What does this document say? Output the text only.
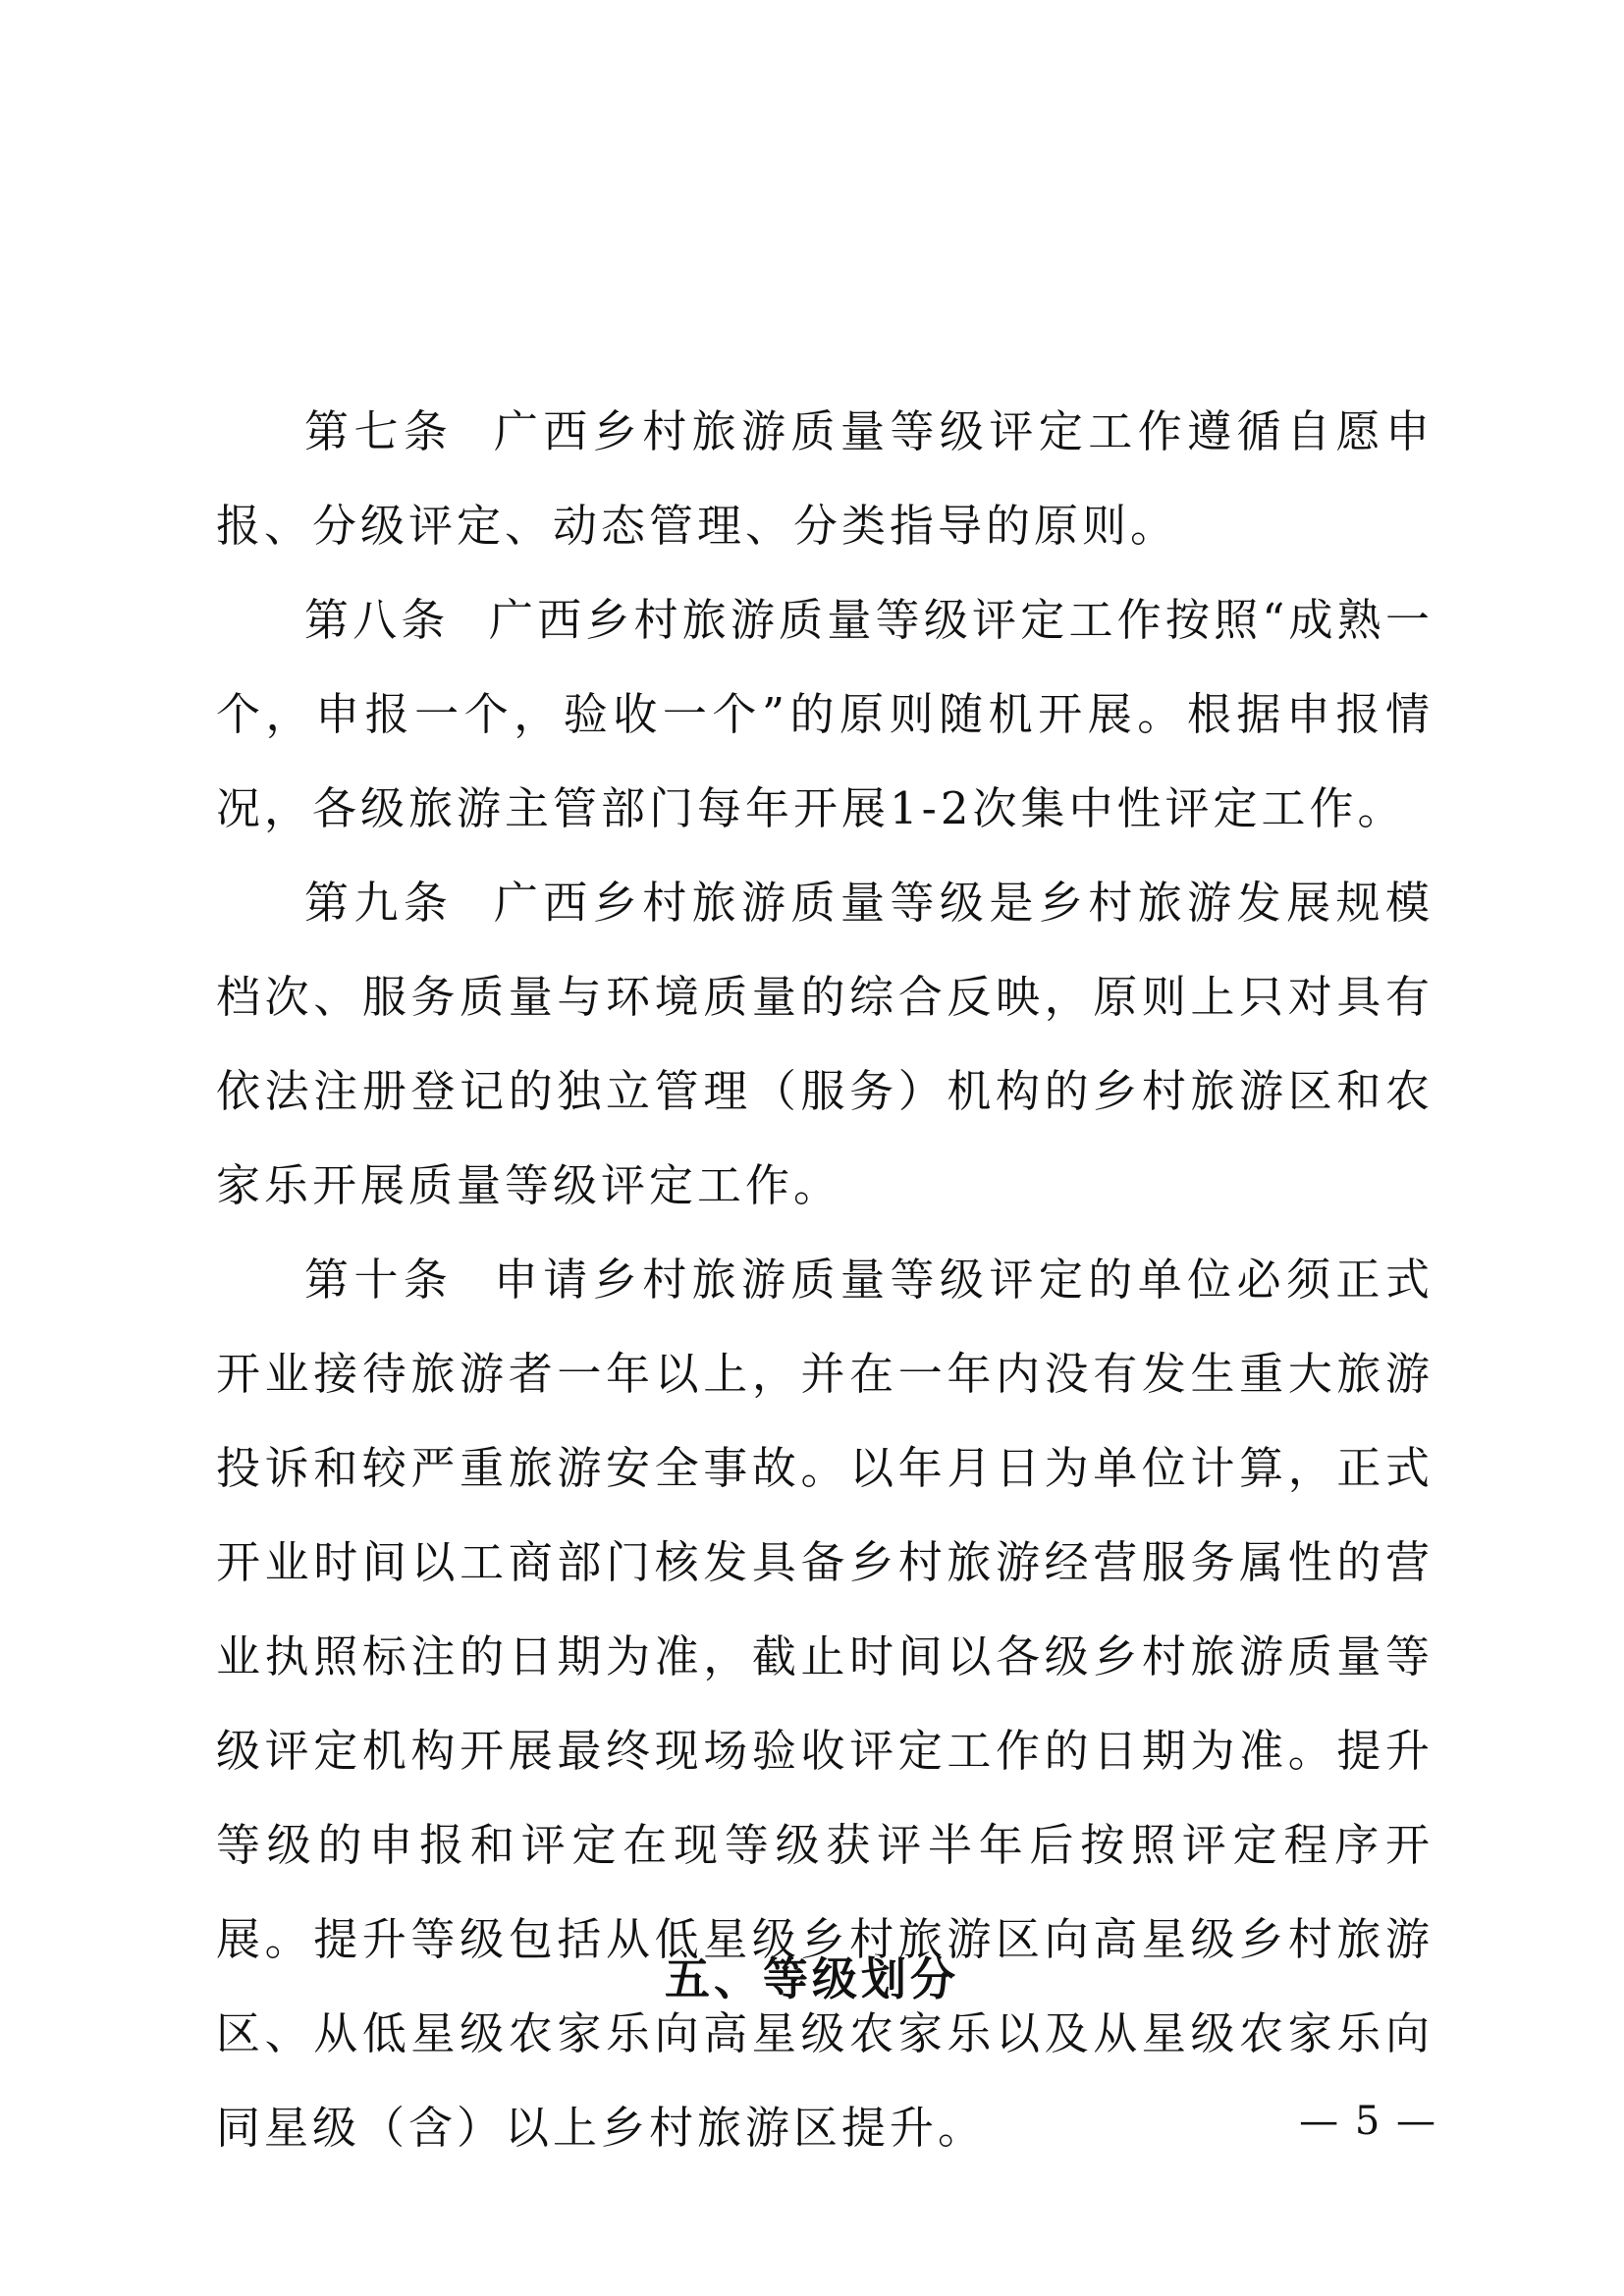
第七条 广西乡村旅游质量等级评定工作遵循自愿申报、分级评定、动态管理、分类指导的原则。

第八条 广西乡村旅游质量等级评定工作按照“成熟一个，申报一个，验收一个”的原则随机开展。根据申报情况，各级旅游主管部门每年开展1-2次集中性评定工作。

第九条 广西乡村旅游质量等级是乡村旅游发展规模档次、服务质量与环境质量的综合反映，原则上只对具有依法注册登记的独立管理（服务）机构的乡村旅游区和农家乐开展质量等级评定工作。

第十条 申请乡村旅游质量等级评定的单位必须正式开业接待旅游者一年以上，并在一年内没有发生重大旅游投诉和较严重旅游安全事故。以年月日为单位计算，正式开业时间以工商部门核发具备乡村旅游经营服务属性的营业执照标注的日期为准，截止时间以各级乡村旅游质量等级评定机构开展最终现场验收评定工作的日期为准。提升等级的申报和评定在现等级获评半年后按照评定程序开展。提升等级包括从低星级乡村旅游区向高星级乡村旅游区、从低星级农家乐向高星级农家乐以及从星级农家乐向同星级（含）以上乡村旅游区提升。

五、等级划分
— 5 —
